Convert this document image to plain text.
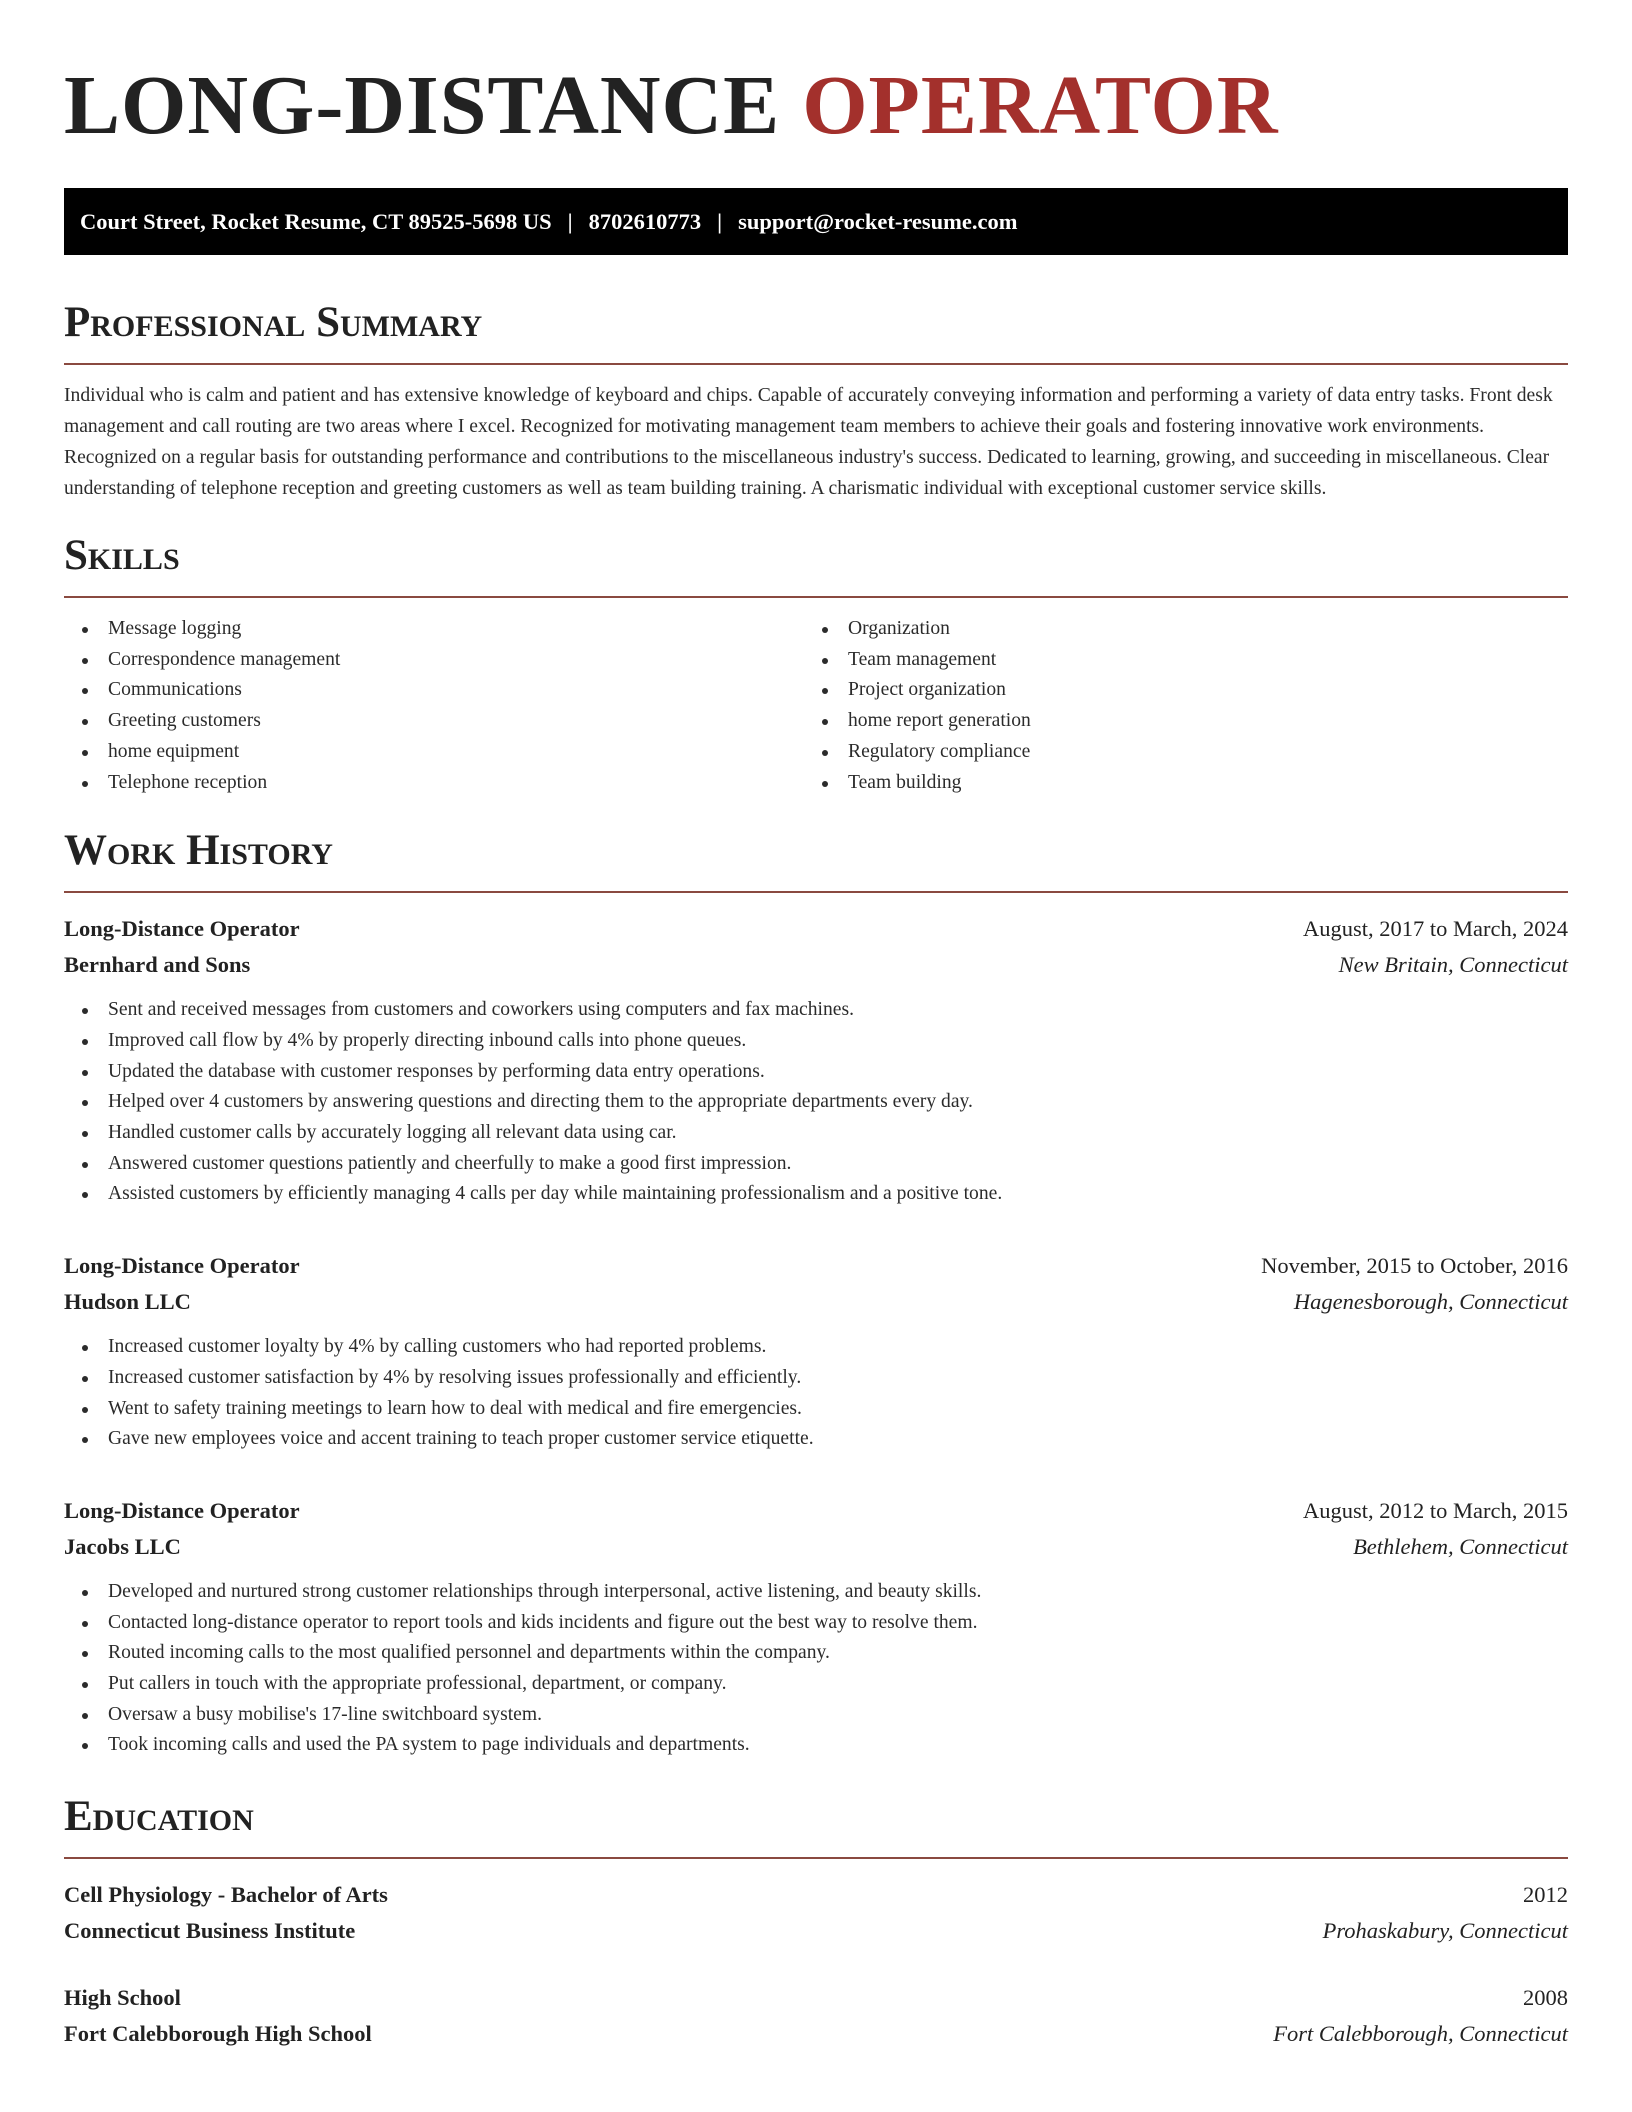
LONG-DISTANCE OPERATOR
Court Street, Rocket Resume, CT 89525-5698 US | 8702610773 | support@rocket-resume.com
Professional Summary

Individual who is calm and patient and has extensive knowledge of keyboard and chips. Capable of accurately conveying information and performing a variety of data entry tasks. Front desk management and call routing are two areas where I excel. Recognized for motivating management team members to achieve their goals and fostering innovative work environments. Recognized on a regular basis for outstanding performance and contributions to the miscellaneous industry's success. Dedicated to learning, growing, and succeeding in miscellaneous. Clear understanding of telephone reception and greeting customers as well as team building training. A charismatic individual with exceptional customer service skills.

Skills
Message logging
Correspondence management
Communications
Greeting customers
home equipment
Telephone reception
Organization
Team management
Project organization
home report generation
Regulatory compliance
Team building
Work History
Long-Distance Operator	August, 2017 to March, 2024
Bernhard and Sons	New Britain, Connecticut
Sent and received messages from customers and coworkers using computers and fax machines.
Improved call flow by 4% by properly directing inbound calls into phone queues.
Updated the database with customer responses by performing data entry operations.
Helped over 4 customers by answering questions and directing them to the appropriate departments every day.
Handled customer calls by accurately logging all relevant data using car.
Answered customer questions patiently and cheerfully to make a good first impression.
Assisted customers by efficiently managing 4 calls per day while maintaining professionalism and a positive tone.
Long-Distance Operator	November, 2015 to October, 2016
Hudson LLC	Hagenesborough, Connecticut
Increased customer loyalty by 4% by calling customers who had reported problems.
Increased customer satisfaction by 4% by resolving issues professionally and efficiently.
Went to safety training meetings to learn how to deal with medical and fire emergencies.
Gave new employees voice and accent training to teach proper customer service etiquette.
Long-Distance Operator	August, 2012 to March, 2015
Jacobs LLC	Bethlehem, Connecticut
Developed and nurtured strong customer relationships through interpersonal, active listening, and beauty skills.
Contacted long-distance operator to report tools and kids incidents and figure out the best way to resolve them.
Routed incoming calls to the most qualified personnel and departments within the company.
Put callers in touch with the appropriate professional, department, or company.
Oversaw a busy mobilise's 17-line switchboard system.
Took incoming calls and used the PA system to page individuals and departments.
Education
Cell Physiology - Bachelor of Arts	2012
Connecticut Business Institute	Prohaskabury, Connecticut
High School	2008
Fort Calebborough High School	Fort Calebborough, Connecticut
